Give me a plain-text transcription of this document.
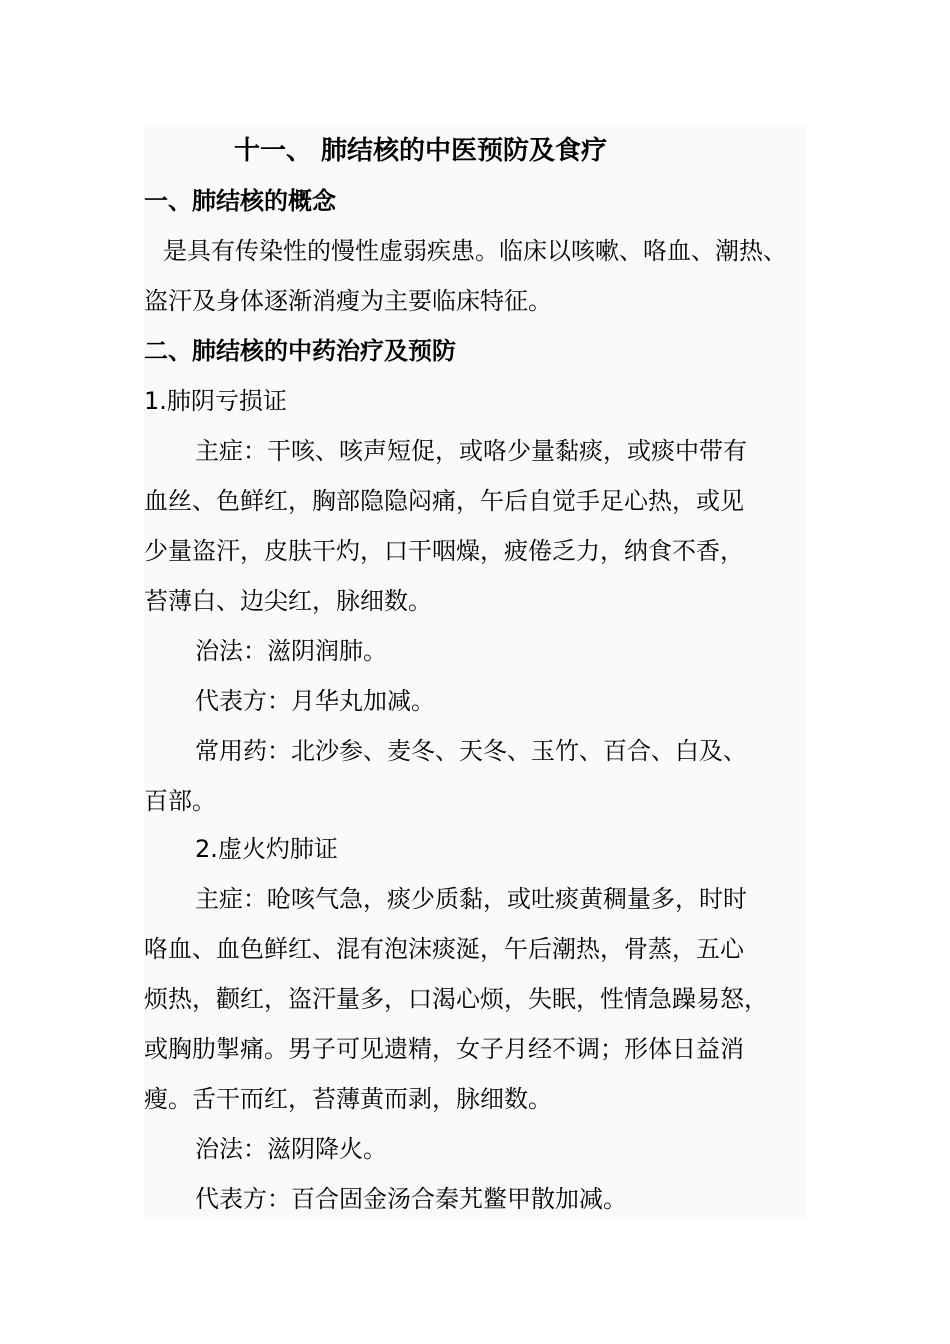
十一、 肺结核的中医预防及食疗
一、肺结核的概念
是具有传染性的慢性虚弱疾患。临床以咳嗽、咯血、潮热、
盗汗及身体逐渐消瘦为主要临床特征。
二、肺结核的中药治疗及预防
1.肺阴亏损证
主症：干咳、咳声短促，或咯少量黏痰，或痰中带有
血丝、色鲜红，胸部隐隐闷痛，午后自觉手足心热，或见
少量盗汗，皮肤干灼，口干咽燥，疲倦乏力，纳食不香，
苔薄白、边尖红，脉细数。
治法：滋阴润肺。
代表方：月华丸加减。
常用药：北沙参、麦冬、天冬、玉竹、百合、白及、
百部。
2.虚火灼肺证
主症：呛咳气急，痰少质黏，或吐痰黄稠量多，时时
咯血、血色鲜红、混有泡沫痰涎，午后潮热，骨蒸，五心
烦热，颧红，盗汗量多，口渴心烦，失眠，性情急躁易怒，
或胸肋掣痛。男子可见遗精，女子月经不调；形体日益消
瘦。舌干而红，苔薄黄而剥，脉细数。
治法：滋阴降火。
代表方：百合固金汤合秦艽鳖甲散加减。
